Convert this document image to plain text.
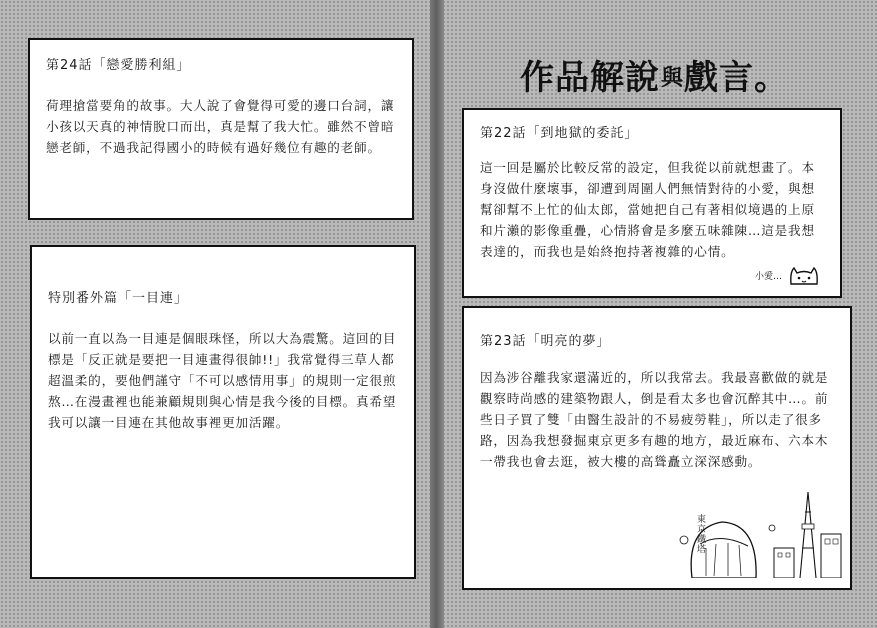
第24話「戀愛勝利組」
荷理搶當要角的故事。大人說了會覺得可愛的邊口台詞，讓小孩以天真的神情脫口而出，真是幫了我大忙。雖然不曾暗戀老師，不過我記得國小的時候有過好幾位有趣的老師。
特別番外篇「一目連」
以前一直以為一目連是個眼珠怪，所以大為震驚。這回的目標是「反正就是要把一目連畫得很帥!!」我常覺得三草人都超溫柔的，要他們謹守「不可以感情用事」的規則一定很煎熬…在漫畫裡也能兼顧規則與心情是我今後的目標。真希望我可以讓一目連在其他故事裡更加活躍。
作品解說 與 戲言 。
第22話「到地獄的委託」
這一回是屬於比較反常的設定，但我從以前就想畫了。本身沒做什麼壞事，卻遭到周圍人們無情對待的小愛，與想幫卻幫不上忙的仙太郎，當她把自己有著相似境遇的上原和片瀨的影像重疊，心情將會是多麼五味雜陳…這是我想表達的，而我也是始終抱持著複雜的心情。
小愛…
第23話「明亮的夢」
因為涉谷離我家還滿近的，所以我常去。我最喜歡做的就是觀察時尚感的建築物跟人，倒是看太多也會沉醉其中…。前些日子買了雙「由醫生設計的不易疲勞鞋」，所以走了很多路，因為我想發掘東京更多有趣的地方，最近麻布、六本木一帶我也會去逛，被大樓的高聳矗立深深感動。
東京鐵塔
